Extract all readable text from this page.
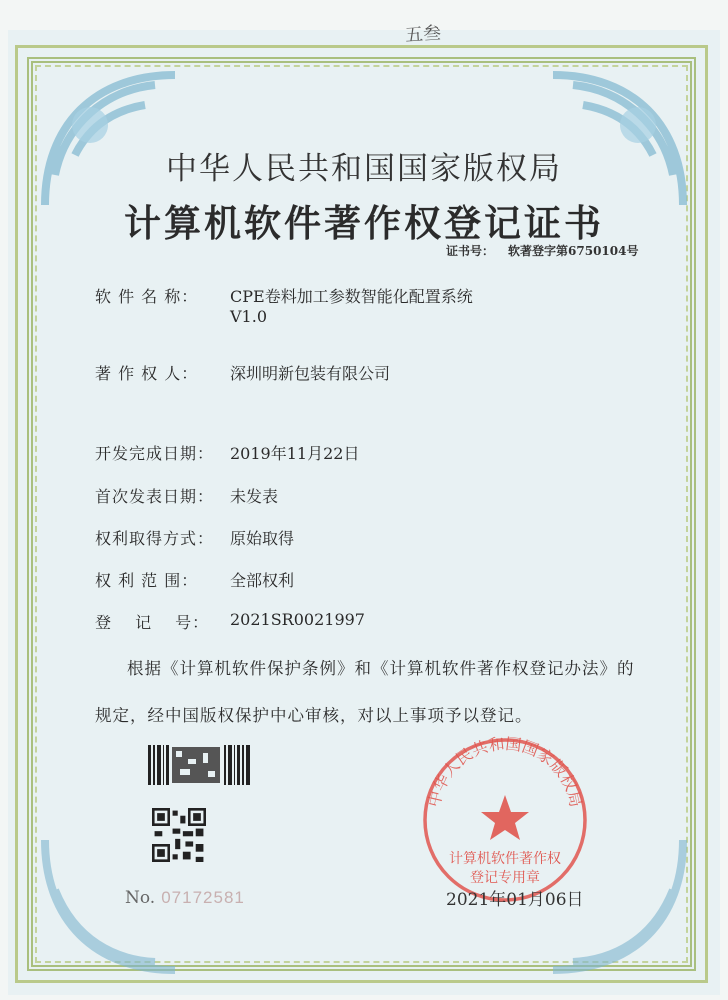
五叁
中华人民共和国国家版权局
计算机软件著作权登记证书
证书号： 软著登字第6750104号
软 件 名 称： CPE卷料加工参数智能化配置系统
V1.0
著 作 权 人： 深圳明新包装有限公司
开发完成日期： 2019年11月22日
首次发表日期： 未发表
权利取得方式： 原始取得
权 利 范 围： 全部权利
登　 记　 号： 2021SR0021997
根据《计算机软件保护条例》和《计算机软件著作权登记办法》的
规定，经中国版权保护中心审核，对以上事项予以登记。
No. 07172581
中华人民共和国国家版权局
计算机软件著作权
登记专用章
2021年01月06日
